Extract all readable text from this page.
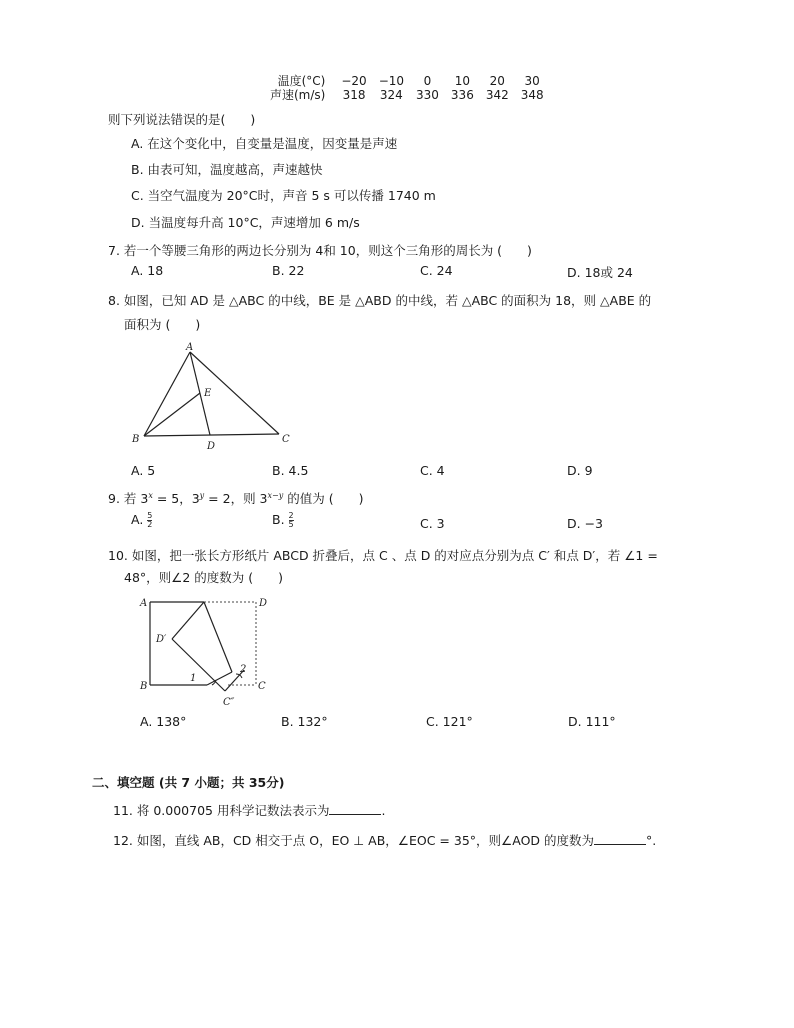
温度(°C)	−20	−10	0	10	20	30
声速(m/s)	318	324	330	336	342	348
则下列说法错误的是(　　)
A. 在这个变化中，自变量是温度，因变量是声速
B. 由表可知，温度越高，声速越快
C. 当空气温度为 20°C时，声音 5 s 可以传播 1740 m
D. 当温度每升高 10°C，声速增加 6 m/s
7. 若一个等腰三角形的两边长分别为 4和 10，则这个三角形的周长为 (　　)
A. 18	B. 22	C. 24	D. 18或 24
8. 如图，已知 AD 是 △ABC 的中线，BE 是 △ABD 的中线，若 △ABC 的面积为 18，则 △ABE 的
面积为 (　　)
A
B	C
D
E
A. 5	B. 4.5	C. 4	D. 9
9. 若 $3^x = 5$，$3^y = 2$，则 $3^{x-y}$ 的值为 (　　)
A. $\frac{5}{2}$	B. $\frac{2}{5}$	C. 3	D. −3
10. 如图，把一张长方形纸片 ABCD 折叠后，点 C 、点 D 的对应点分别为点 C′ 和点 D′，若 ∠1 =
48°，则∠2 的度数为 (　　)
A	D
D′
B	C
C″
1
2
A. 138°	B. 132°	C. 121°	D. 111°
二、填空题 (共 7 小题；共 35分)
11. 将 0.000705 用科学记数法表示为	.
12. 如图，直线 AB，CD 相交于点 O，EO ⊥ AB，∠EOC = 35°，则∠AOD 的度数为	°.
